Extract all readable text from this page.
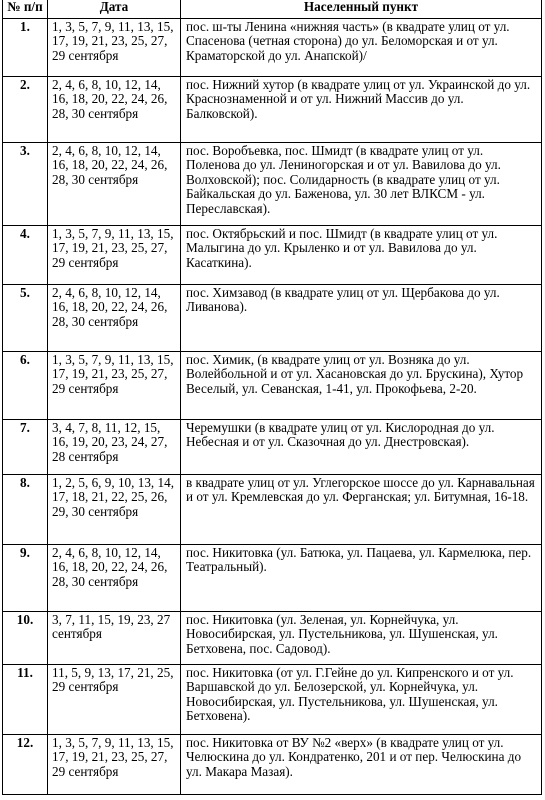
№ п/п	Дата	Населенный пункт
1.	1, 3, 5, 7, 9, 11, 13, 15, 17, 19, 21, 23, 25, 27, 29 сентября	пос. ш-ты Ленина «нижняя часть» (в квадрате улиц от ул. Спасенова (четная сторона) до ул. Беломорская и от ул. Краматорской до ул. Анапской)/
2.	2, 4, 6, 8, 10, 12, 14, 16, 18, 20, 22, 24, 26, 28, 30 сентября	пос. Нижний хутор (в квадрате улиц от ул. Украинской до ул. Краснознаменной и от ул. Нижний Массив до ул. Балковской).
3.	2, 4, 6, 8, 10, 12, 14, 16, 18, 20, 22, 24, 26, 28, 30 сентября	пос. Воробъевка, пос. Шмидт (в квадрате улиц от ул. Поленова до ул. Лениногорская и от ул. Вавилова до ул. Волховской); пос. Солидарность (в квадрате улиц от ул. Байкальская до ул. Баженова, ул. 30 лет ВЛКСМ - ул. Переславская).
4.	1, 3, 5, 7, 9, 11, 13, 15, 17, 19, 21, 23, 25, 27, 29 сентября	пос. Октябрьский и пос. Шмидт (в квадрате улиц от ул. Малыгина до ул. Крыленко и от ул. Вавилова до ул. Касаткина).
5.	2, 4, 6, 8, 10, 12, 14, 16, 18, 20, 22, 24, 26, 28, 30 сентября	пос. Химзавод (в квадрате улиц от ул. Щербакова до ул. Ливанова).
6.	1, 3, 5, 7, 9, 11, 13, 15, 17, 19, 21, 23, 25, 27, 29 сентября	пос. Химик, (в квадрате улиц от ул. Возняка до ул. Волейбольной и от ул. Хасановская до ул. Брускина), Хутор Веселый, ул. Севанская, 1-41, ул. Прокофьева, 2-20.
7.	3, 4, 7, 8, 11, 12, 15, 16, 19, 20, 23, 24, 27, 28 сентября	Черемушки (в квадрате улиц от ул. Кислородная до ул. Небесная и от ул. Сказочная до ул. Днестровская).
8.	1, 2, 5, 6, 9, 10, 13, 14, 17, 18, 21, 22, 25, 26, 29, 30 сентября	в квадрате улиц от ул. Углегорское шоссе до ул. Карнавальная и от ул. Кремлевская до ул. Ферганская; ул. Битумная, 16-18.
9.	2, 4, 6, 8, 10, 12, 14, 16, 18, 20, 22, 24, 26, 28, 30 сентября	пос. Никитовка (ул. Батюка, ул. Пацаева, ул. Кармелюка, пер. Театральный).
10.	3, 7, 11, 15, 19, 23, 27 сентября	пос. Никитовка (ул. Зеленая, ул. Корнейчука, ул. Новосибирская, ул. Пустельникова, ул. Шушенская, ул. Бетховена, пос. Садовод).
11.	11, 5, 9, 13, 17, 21, 25, 29 сентября	пос. Никитовка (от ул. Г.Гейне до ул. Кипренского и от ул. Варшавской до ул. Белозерской, ул. Корнейчука, ул. Новосибирская, ул. Пустельникова, ул. Шушенская, ул. Бетховена).
12.	1, 3, 5, 7, 9, 11, 13, 15, 17, 19, 21, 23, 25, 27, 29 сентября	пос. Никитовка от ВУ №2 «верх» (в квадрате улиц от ул. Челюскина до ул. Кондратенко, 201 и от пер. Челюскина до ул. Макара Мазая).
